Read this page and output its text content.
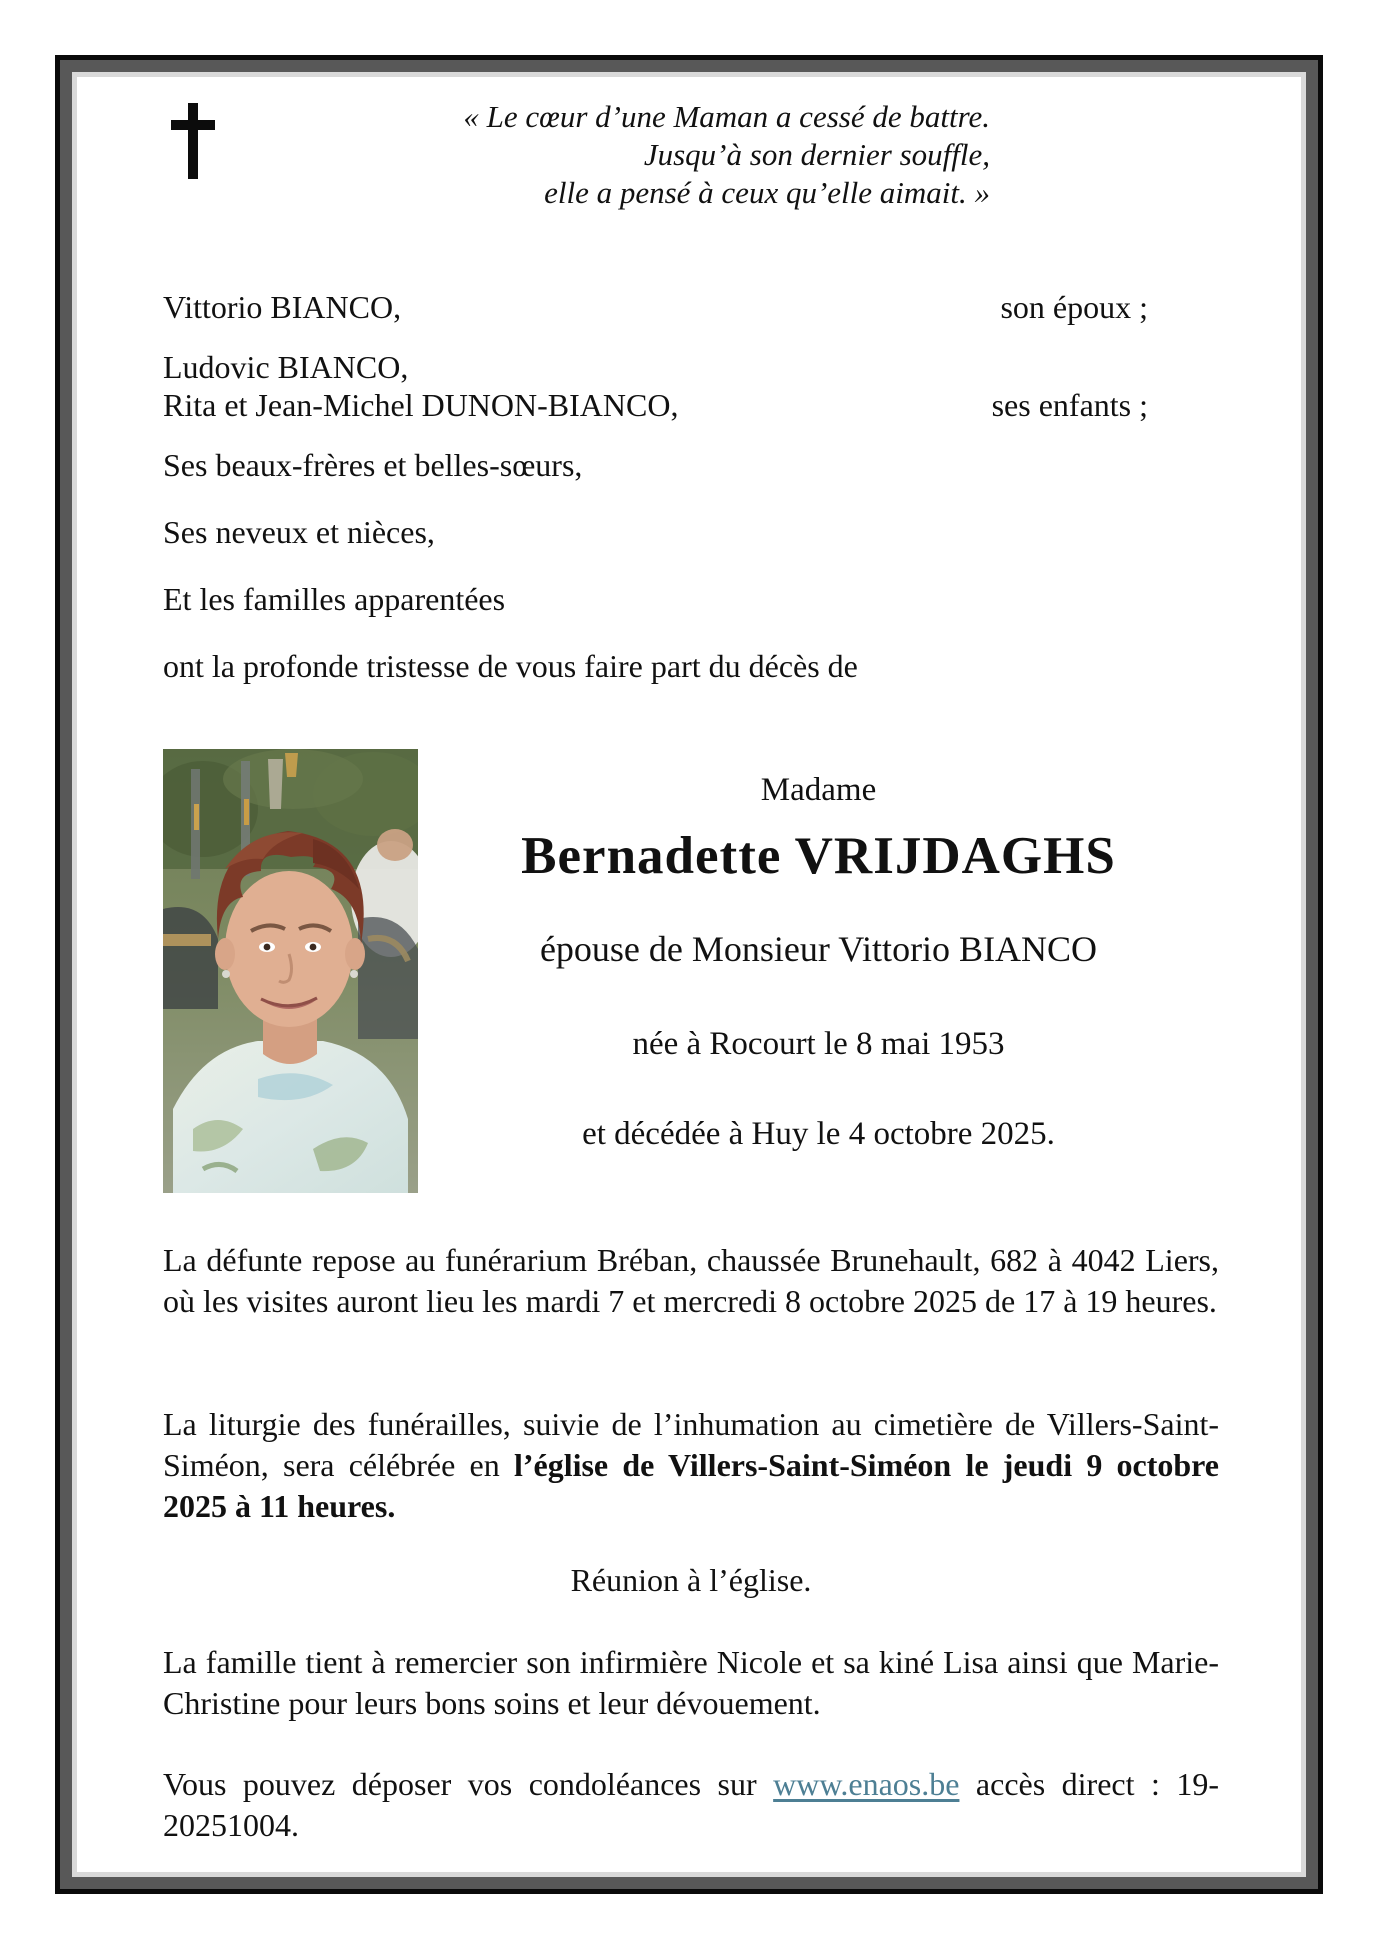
« Le cœur d’une Maman a cessé de battre.
Jusqu’à son dernier souffle,
elle a pensé à ceux qu’elle aimait. »
Vittorio BIANCO,	son époux ;
Ludovic BIANCO,
Rita et Jean-Michel DUNON-BIANCO,	ses enfants ;
Ses beaux-frères et belles-sœurs,
Ses neveux et nièces,
Et les familles apparentées
ont la profonde tristesse de vous faire part du décès de
Madame
Bernadette VRIJDAGHS
épouse de Monsieur Vittorio BIANCO
née à Rocourt le 8 mai 1953
et décédée à Huy le 4 octobre 2025.
La défunte repose au funérarium Bréban, chaussée Brunehault, 682 à 4042 Liers, où les visites auront lieu les mardi 7 et mercredi 8 octobre 2025 de 17 à 19 heures.
La liturgie des funérailles, suivie de l’inhumation au cimetière de Villers-Saint-Siméon, sera célébrée en l’église de Villers-Saint-Siméon le jeudi 9 octobre 2025 à 11 heures.
Réunion à l’église.
La famille tient à remercier son infirmière Nicole et sa kiné Lisa ainsi que Marie-Christine pour leurs bons soins et leur dévouement.
Vous pouvez déposer vos condoléances sur www.enaos.be accès direct : 19-20251004.
